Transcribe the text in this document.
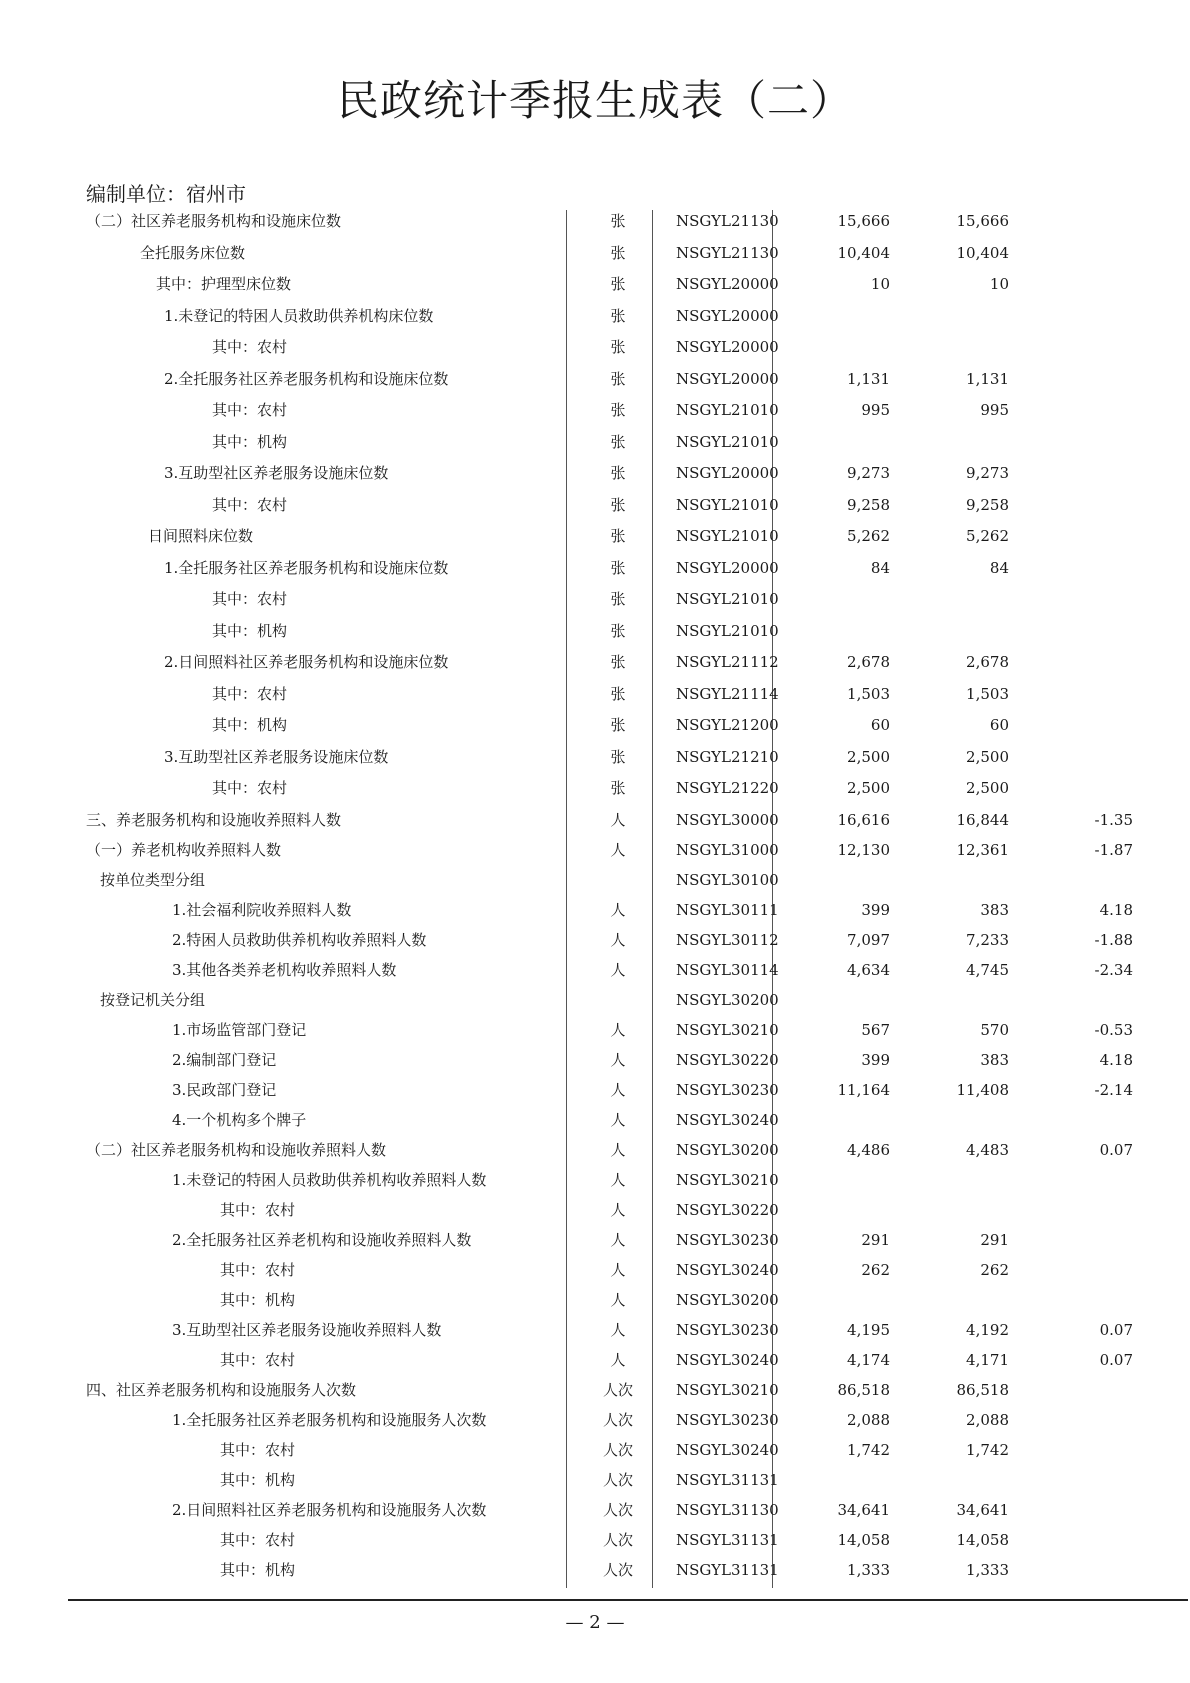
民政统计季报生成表（二）
编制单位：宿州市
（二）社区养老服务机构和设施床位数	张	NSGYL21130	15,666	15,666
全托服务床位数	张	NSGYL21130	10,404	10,404
其中：护理型床位数	张	NSGYL20000	10	10
1.未登记的特困人员救助供养机构床位数	张	NSGYL20000
其中：农村	张	NSGYL20000
2.全托服务社区养老服务机构和设施床位数	张	NSGYL20000	1,131	1,131
其中：农村	张	NSGYL21010	995	995
其中：机构	张	NSGYL21010
3.互助型社区养老服务设施床位数	张	NSGYL20000	9,273	9,273
其中：农村	张	NSGYL21010	9,258	9,258
日间照料床位数	张	NSGYL21010	5,262	5,262
1.全托服务社区养老服务机构和设施床位数	张	NSGYL20000	84	84
其中：农村	张	NSGYL21010
其中：机构	张	NSGYL21010
2.日间照料社区养老服务机构和设施床位数	张	NSGYL21112	2,678	2,678
其中：农村	张	NSGYL21114	1,503	1,503
其中：机构	张	NSGYL21200	60	60
3.互助型社区养老服务设施床位数	张	NSGYL21210	2,500	2,500
其中：农村	张	NSGYL21220	2,500	2,500
三、养老服务机构和设施收养照料人数	人	NSGYL30000	16,616	16,844	-1.35
（一）养老机构收养照料人数	人	NSGYL31000	12,130	12,361	-1.87
按单位类型分组	NSGYL30100
1.社会福利院收养照料人数	人	NSGYL30111	399	383	4.18
2.特困人员救助供养机构收养照料人数	人	NSGYL30112	7,097	7,233	-1.88
3.其他各类养老机构收养照料人数	人	NSGYL30114	4,634	4,745	-2.34
按登记机关分组	NSGYL30200
1.市场监管部门登记	人	NSGYL30210	567	570	-0.53
2.编制部门登记	人	NSGYL30220	399	383	4.18
3.民政部门登记	人	NSGYL30230	11,164	11,408	-2.14
4.一个机构多个牌子	人	NSGYL30240
（二）社区养老服务机构和设施收养照料人数	人	NSGYL30200	4,486	4,483	0.07
1.未登记的特困人员救助供养机构收养照料人数	人	NSGYL30210
其中：农村	人	NSGYL30220
2.全托服务社区养老机构和设施收养照料人数	人	NSGYL30230	291	291
其中：农村	人	NSGYL30240	262	262
其中：机构	人	NSGYL30200
3.互助型社区养老服务设施收养照料人数	人	NSGYL30230	4,195	4,192	0.07
其中：农村	人	NSGYL30240	4,174	4,171	0.07
四、社区养老服务机构和设施服务人次数	人次	NSGYL30210	86,518	86,518
1.全托服务社区养老服务机构和设施服务人次数	人次	NSGYL30230	2,088	2,088
其中：农村	人次	NSGYL30240	1,742	1,742
其中：机构	人次	NSGYL31131
2.日间照料社区养老服务机构和设施服务人次数	人次	NSGYL31130	34,641	34,641
其中：农村	人次	NSGYL31131	14,058	14,058
其中：机构	人次	NSGYL31131	1,333	1,333
— 2 —
